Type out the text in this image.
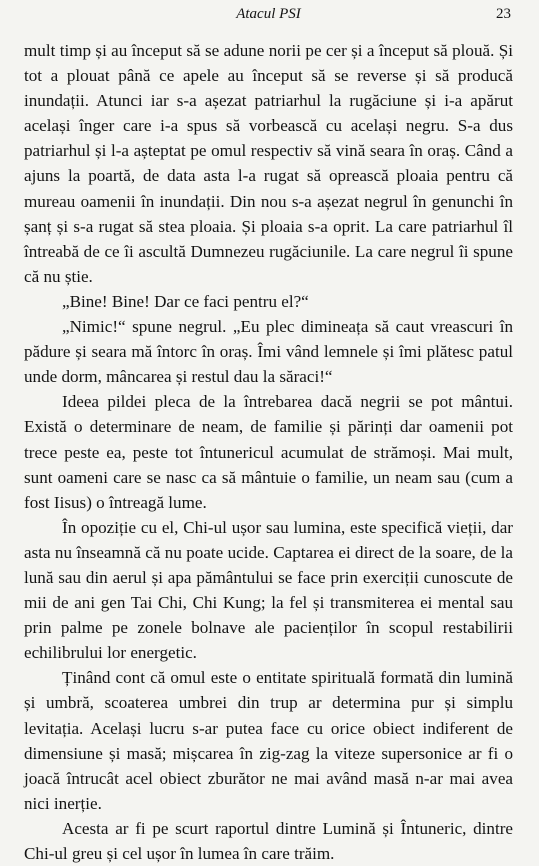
Atacul PSI	23

mult timp și au început să se adune norii pe cer și a început să plouă. Și tot a plouat până ce apele au început să se reverse și să producă inundații. Atunci iar s-a așezat patriarhul la rugăciune și i-a apărut același înger care i-a spus să vorbească cu același negru. S-a dus patriarhul și l-a așteptat pe omul respectiv să vină seara în oraș. Când a ajuns la poartă, de data asta l-a rugat să oprească ploaia pentru că mureau oamenii în inundații. Din nou s-a așezat negrul în genunchi în șanț și s-a rugat să stea ploaia. Și ploaia s-a oprit. La care patriarhul îl întreabă de ce îi ascultă Dumnezeu rugăciunile. La care negrul îi spune că nu știe.

„Bine! Bine! Dar ce faci pentru el?“

„Nimic!“ spune negrul. „Eu plec dimineața să caut vreascuri în pădure și seara mă întorc în oraș. Îmi vând lemnele și îmi plătesc patul unde dorm, mâncarea și restul dau la săraci!“

Ideea pildei pleca de la întrebarea dacă negrii se pot mântui. Există o determinare de neam, de familie și părinți dar oamenii pot trece peste ea, peste tot întunericul acumulat de strămoși. Mai mult, sunt oameni care se nasc ca să mântuie o familie, un neam sau (cum a fost Iisus) o întreagă lume.

În opoziție cu el, Chi-ul ușor sau lumina, este specifică vieții, dar asta nu înseamnă că nu poate ucide. Captarea ei direct de la soare, de la lună sau din aerul și apa pământului se face prin exerciții cunoscute de mii de ani gen Tai Chi, Chi Kung; la fel și transmiterea ei mental sau prin palme pe zonele bolnave ale pacienților în scopul restabilirii echilibrului lor energetic.

Ținând cont că omul este o entitate spirituală formată din lumină și umbră, scoaterea umbrei din trup ar determina pur și simplu levitația. Același lucru s-ar putea face cu orice obiect indiferent de dimensiune și masă; mișcarea în zig-zag la viteze supersonice ar fi o joacă întrucât acel obiect zburător ne mai având masă n-ar mai avea nici inerție.

Acesta ar fi pe scurt raportul dintre Lumină și Întuneric, dintre Chi-ul greu și cel ușor în lumea în care trăim.
